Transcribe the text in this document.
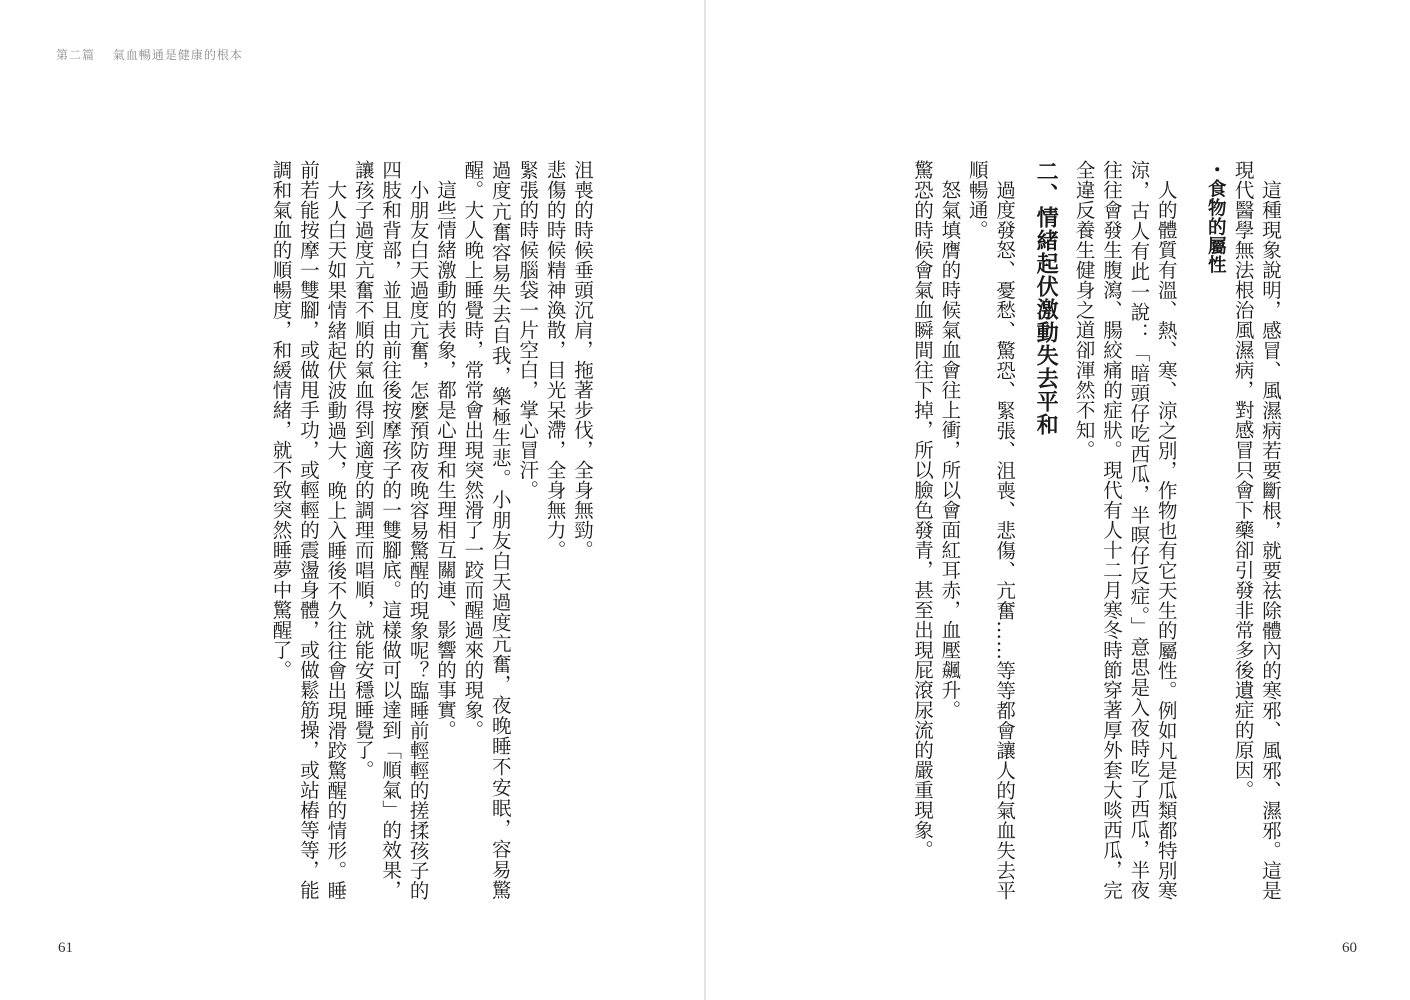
第二篇　 氣血暢通是健康的根本

沮喪的時候垂頭沉肩，拖著步伐，全身無勁。

悲傷的時候精神渙散，目光呆滯，全身無力。

緊張的時候腦袋一片空白，掌心冒汗。

過度亢奮容易失去自我，樂極生悲。小朋友白天過度亢奮，夜晚睡不安眠，容易驚醒。大人晚上睡覺時，常常會出現突然滑了一跤而醒過來的現象。

這些情緒激動的表象，都是心理和生理相互關連、影響的事實。

小朋友白天過度亢奮，怎麼預防夜晚容易驚醒的現象呢？臨睡前輕輕的搓揉孩子的四肢和背部，並且由前往後按摩孩子的一雙腳底。這樣做可以達到「順氣」的效果，讓孩子過度亢奮不順的氣血得到適度的調理而唱順，就能安穩睡覺了。

大人白天如果情緒起伏波動過大，晚上入睡後不久往往會出現滑跤驚醒的情形。睡前若能按摩一雙腳，或做甩手功，或輕輕的震盪身體，或做鬆筋操，或站樁等等，能調和氣血的順暢度，和緩情緒，就不致突然睡夢中驚醒了。

61

這種現象說明，感冒、風濕病若要斷根，就要祛除體內的寒邪、風邪、濕邪。這是現代醫學無法根治風濕病，對感冒只會下藥卻引發非常多後遺症的原因。

・食物的屬性

人的體質有溫、熱、寒、涼之別，作物也有它天生的屬性。例如凡是瓜類都特別寒涼，古人有此一說：「暗頭仔吃西瓜，半暝仔反症。」意思是入夜時吃了西瓜，半夜往往會發生腹瀉、腸絞痛的症狀。現代有人十二月寒冬時節穿著厚外套大啖西瓜，完全違反養生健身之道卻渾然不知。

二、情緒起伏激動失去平和

過度發怒、憂愁、驚恐、緊張、沮喪、悲傷、亢奮……等等都會讓人的氣血失去平順暢通。

怒氣填膺的時候氣血會往上衝，所以會面紅耳赤，血壓飆升。

驚恐的時候會氣血瞬間往下掉，所以臉色發青，甚至出現屁滾尿流的嚴重現象。

60
